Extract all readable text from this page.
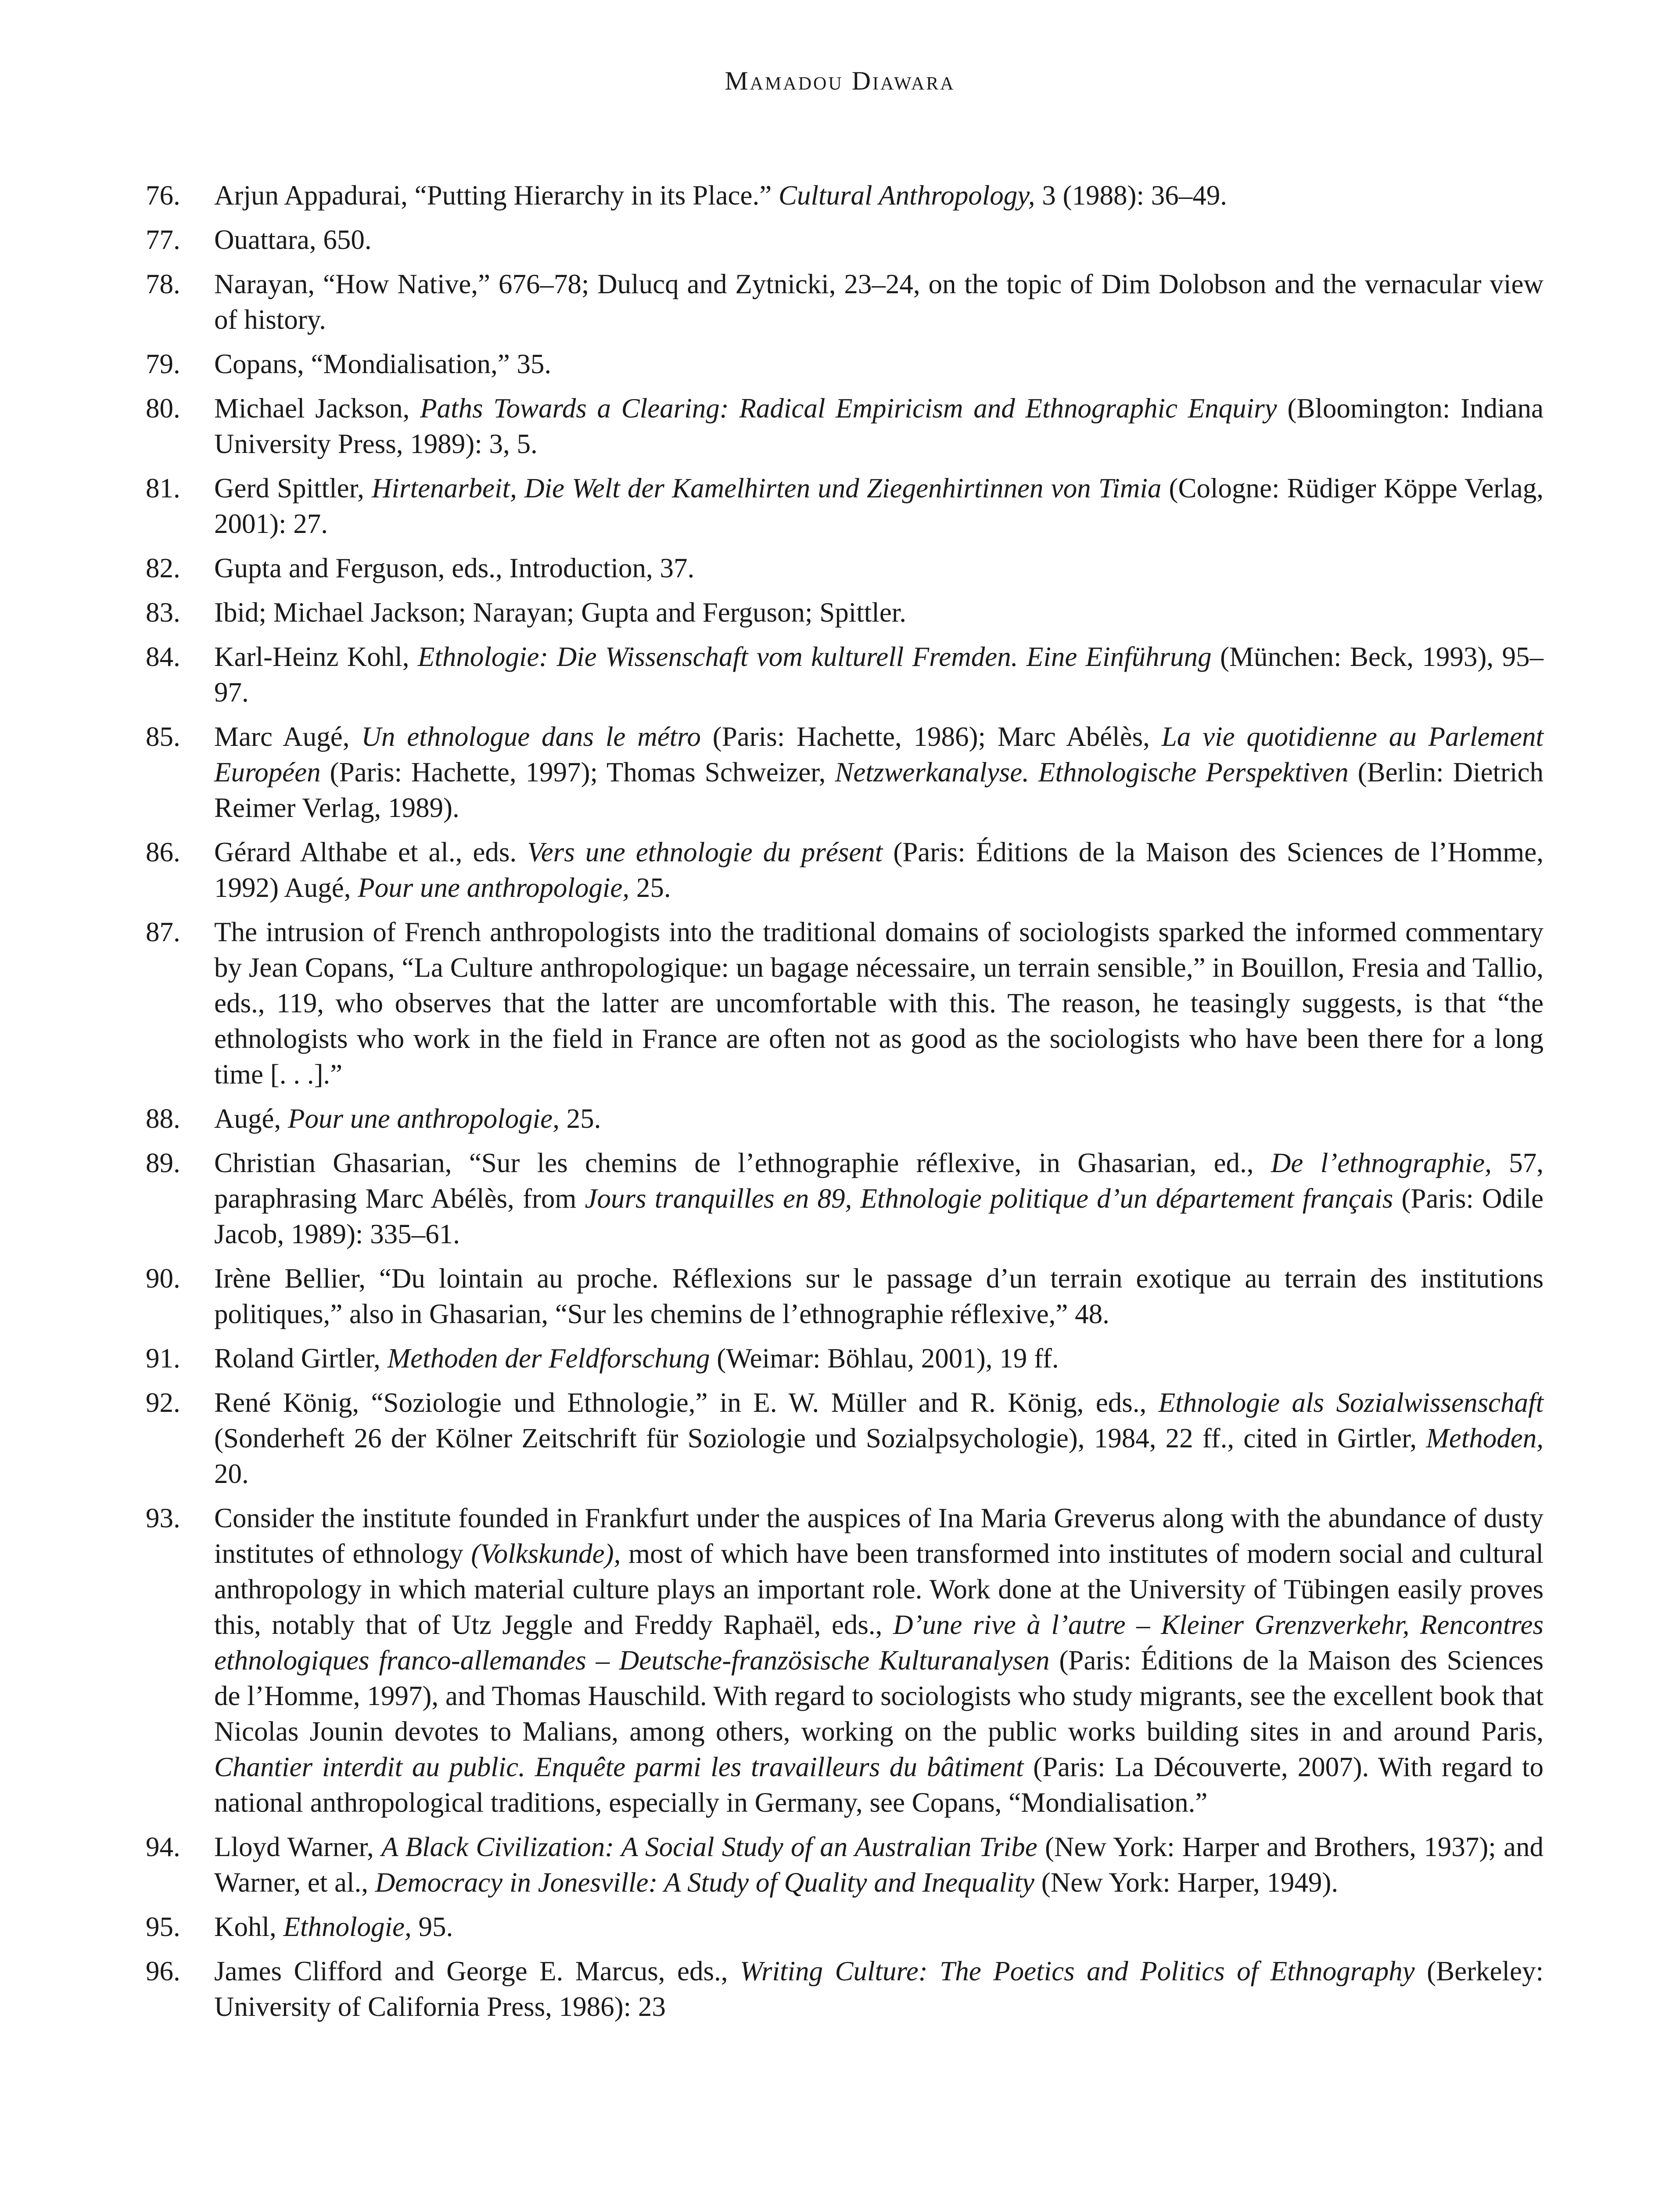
Mamadou Diawara
76.	Arjun Appadurai, “Putting Hierarchy in its Place.” Cultural Anthropology, 3 (1988): 36–49.
77.	Ouattara, 650.
78.	Narayan, “How Native,” 676–78; Dulucq and Zytnicki, 23–24, on the topic of Dim Dolobson and the vernacular view of history.
79.	Copans, “Mondialisation,” 35.
80.	Michael Jackson, Paths Towards a Clearing: Radical Empiricism and Ethnographic Enquiry (Bloomington: Indiana University Press, 1989): 3, 5.
81.	Gerd Spittler, Hirtenarbeit, Die Welt der Kamelhirten und Ziegenhirtinnen von Timia (Cologne: Rüdiger Köppe Verlag, 2001): 27.
82.	Gupta and Ferguson, eds., Introduction, 37.
83.	Ibid; Michael Jackson; Narayan; Gupta and Ferguson; Spittler.
84.	Karl-Heinz Kohl, Ethnologie: Die Wissenschaft vom kulturell Fremden. Eine Einführung (München: Beck, 1993), 95–97.
85.	Marc Augé, Un ethnologue dans le métro (Paris: Hachette, 1986); Marc Abélès, La vie quotidienne au Parlement Européen (Paris: Hachette, 1997); Thomas Schweizer, Netzwerkanalyse. Ethnologische Perspektiven (Berlin: Dietrich Reimer Verlag, 1989).
86.	Gérard Althabe et al., eds. Vers une ethnologie du présent (Paris: Éditions de la Maison des Sciences de l’Homme, 1992) Augé, Pour une anthropologie, 25.
87.	The intrusion of French anthropologists into the traditional domains of sociologists sparked the informed commentary by Jean Copans, “La Culture anthropologique: un bagage nécessaire, un terrain sensible,” in Bouillon, Fresia and Tallio, eds., 119, who observes that the latter are uncomfortable with this. The reason, he teasingly suggests, is that “the ethnologists who work in the field in France are often not as good as the sociologists who have been there for a long time [. . .].”
88.	Augé, Pour une anthropologie, 25.
89.	Christian Ghasarian, “Sur les chemins de l’ethnographie réflexive, in Ghasarian, ed., De l’ethnographie, 57, paraphrasing Marc Abélès, from Jours tranquilles en 89, Ethnologie politique d’un département français (Paris: Odile Jacob, 1989): 335–61.
90.	Irène Bellier, “Du lointain au proche. Réflexions sur le passage d’un terrain exotique au terrain des institutions politiques,” also in Ghasarian, “Sur les chemins de l’ethnographie réflexive,” 48.
91.	Roland Girtler, Methoden der Feldforschung (Weimar: Böhlau, 2001), 19 ff.
92.	René König, “Soziologie und Ethnologie,” in E. W. Müller and R. König, eds., Ethnologie als Sozialwissenschaft (Sonderheft 26 der Kölner Zeitschrift für Soziologie und Sozialpsychologie), 1984, 22 ff., cited in Girtler, Methoden, 20.
93.	Consider the institute founded in Frankfurt under the auspices of Ina Maria Greverus along with the abundance of dusty institutes of ethnology (Volkskunde), most of which have been transformed into institutes of modern social and cultural anthropology in which material culture plays an important role. Work done at the University of Tübingen easily proves this, notably that of Utz Jeggle and Freddy Raphaël, eds., D’une rive à l’autre – Kleiner Grenzverkehr, Rencontres ethnologiques franco-allemandes – Deutsche-französische Kulturanalysen (Paris: Éditions de la Maison des Sciences de l’Homme, 1997), and Thomas Hauschild. With regard to sociologists who study migrants, see the excellent book that Nicolas Jounin devotes to Malians, among others, working on the public works building sites in and around Paris, Chantier interdit au public. Enquête parmi les travailleurs du bâtiment (Paris: La Découverte, 2007). With regard to national anthropological traditions, especially in Germany, see Copans, “Mondialisation.”
94.	Lloyd Warner, A Black Civilization: A Social Study of an Australian Tribe (New York: Harper and Brothers, 1937); and Warner, et al., Democracy in Jonesville: A Study of Quality and Inequality (New York: Harper, 1949).
95.	Kohl, Ethnologie, 95.
96.	James Clifford and George E. Marcus, eds., Writing Culture: The Poetics and Politics of Ethnography (Berkeley: University of California Press, 1986): 23
